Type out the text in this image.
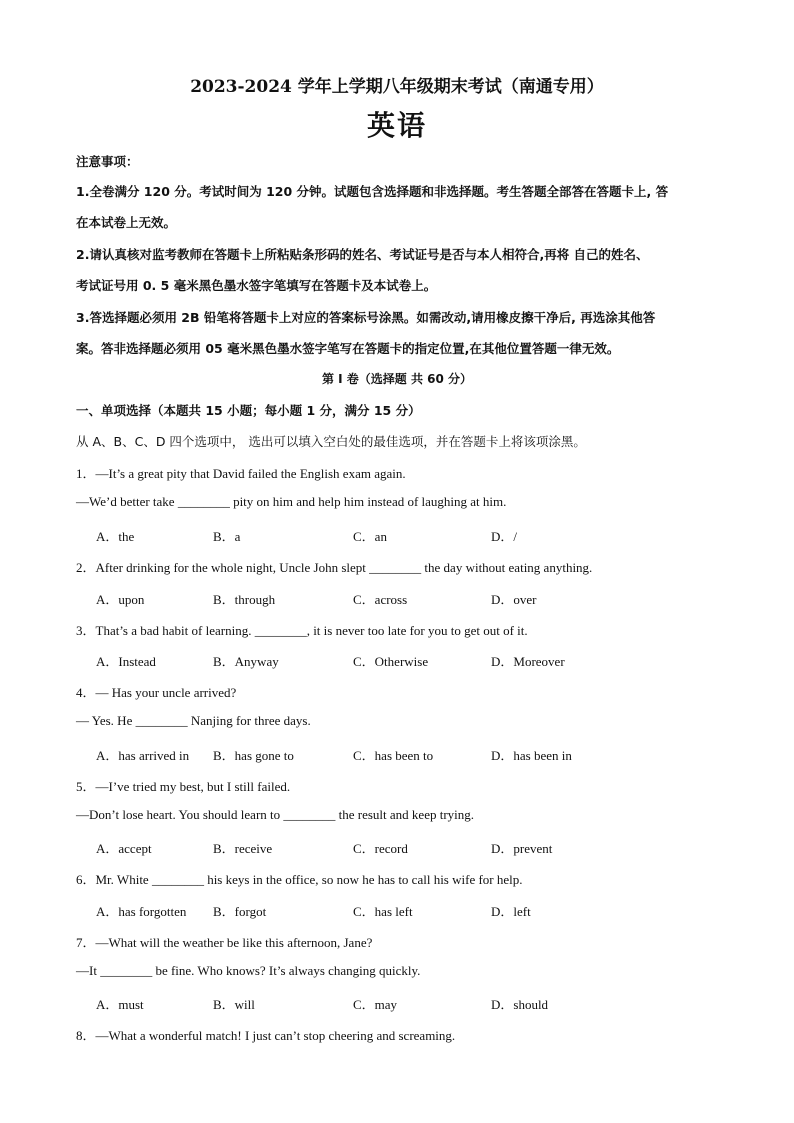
2023-2024 学年上学期八年级期末考试（南通专用）
英语
注意事项：
1.全卷满分 120 分。考试时间为 120 分钟。试题包含选择题和非选择题。考生答题全部答在答题卡上, 答
在本试卷上无效。
2.请认真核对监考教师在答题卡上所粘贴条形码的姓名、考试证号是否与本人相符合,再将 自己的姓名、
考试证号用 0. 5 毫米黑色墨水签字笔填写在答题卡及本试卷上。
3.答选择题必须用 2B 铅笔将答题卡上对应的答案标号涂黑。如需改动,请用橡皮擦干净后, 再选涂其他答
案。答非选择题必须用 05 毫米黑色墨水签字笔写在答题卡的指定位置,在其他位置答题一律无效。
第 I 卷（选择题 共 60 分）
一、单项选择（本题共 15 小题；每小题 1 分，满分 15 分）
从 A、B、C、D 四个选项中， 选出可以填入空白处的最佳选项，并在答题卡上将该项涂黑。
1．—It’s a great pity that David failed the English exam again.
—We’d better take ________ pity on him and help him instead of laughing at him.
A．the	B．a	C．an	D．/
2．After drinking for the whole night, Uncle John slept ________ the day without eating anything.
A．upon	B．through	C．across	D．over
3．That’s a bad habit of learning. ________, it is never too late for you to get out of it.
A．Instead	B．Anyway	C．Otherwise	D．Moreover
4．— Has your uncle arrived?
— Yes. He ________ Nanjing for three days.
A．has arrived in B．has gone to	C．has been to	D．has been in
5．—I’ve tried my best, but I still failed.
—Don’t lose heart. You should learn to ________ the result and keep trying.
A．accept	B．receive	C．record	D．prevent
6．Mr. White ________ his keys in the office, so now he has to call his wife for help.
A．has forgotten B．forgot	C．has left	D．left
7．—What will the weather be like this afternoon, Jane?
—It ________ be fine. Who knows? It’s always changing quickly.
A．must	B．will	C．may	D．should
8．—What a wonderful match! I just can’t stop cheering and screaming.
